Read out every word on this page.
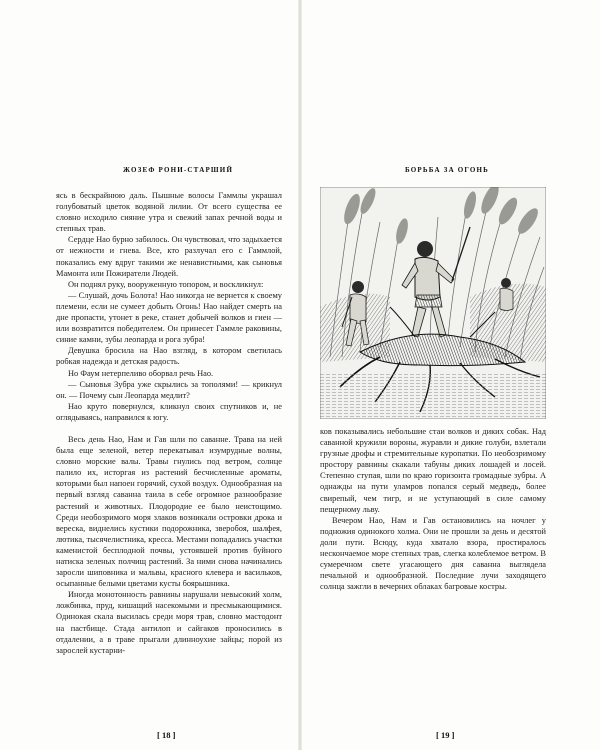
ЖОЗЕФ РОНИ-СТАРШИЙ

ясь в бескрайнюю даль. Пышные волосы Гаммлы украшал голубоватый цветок водяной лилии. От всего существа ее словно исходило сияние утра и свежий запах речной воды и степных трав.

Сердце Нао бурно забилось. Он чувствовал, что задыхается от нежности и гнева. Все, кто разлучал его с Гаммлой, показались ему вдруг такими же ненавистными, как сыновья Мамонта или Пожиратели Людей.

Он поднял руку, вооруженную топором, и воскликнул:

— Слушай, дочь Болота! Нао никогда не вернется к своему племени, если не сумеет добыть Огонь! Нао найдет смерть на дне пропасти, утонет в реке, станет добычей волков и гиен — или возвратится победителем. Он принесет Гаммле раковины, синие камни, зубы леопарда и рога зубра!

Девушка бросила на Нао взгляд, в котором светилась робкая надежда и детская радость.

Но Фаум нетерпеливо оборвал речь Нао.

— Сыновья Зубра уже скрылись за тополями! — крикнул он. — Почему сын Леопарда медлит?

Нао круто повернулся, кликнул своих спутников и, не оглядываясь, направился к югу.

Весь день Нао, Нам и Гав шли по саванне. Трава на ней была еще зеленой, ветер перекатывал изумрудные волны, словно морские валы. Травы гнулись под ветром, солнце палило их, истоpгая из растений бесчисленные ароматы, которыми был напоен горячий, сухой воздух. Однообразная на первый взгляд саванна таила в себе огромное разнообразие растений и животных. Плодородие ее было неистощимо. Среди необозримого моря злаков возникали островки дрока и вереска, виднелись кустики подорожника, зверобоя, шалфея, лютика, тысячелистника, кресса. Местами попадались участки каменистой бесплодной почвы, устоявшей против буйного натиска зеленых полчищ растений. За ними снова начинались заросли шиповника и мальвы, красного клевера и васильков, осыпанные белыми цветами кусты боярышника.

Иногда монотонность равнины нарушали невысокий холм, ложбинка, пруд, кишащий насекомыми и пресмыкающимися. Одинокая скала высилась среди моря трав, словно мастодонт на пастбище. Стада антилоп и сайгаков проносились в отдалении, а в траве прыгали длинноухие зайцы; порой из зарослей кустарни-

[ 18 ]
БОРЬБА ЗА ОГОНЬ

ков показывались небольшие стаи волков и диких собак. Над саванной кружили вороны, журавли и дикие голуби, взлетали грузные дрофы и стремительные куропатки. По необозримому простору равнины скакали табуны диких лошадей и лосей. Степенно ступая, шли по краю горизонта громадные зубры. А однажды на пути уламров попался серый медведь, более свирепый, чем тигр, и не уступающий в силе самому пещерному льву.

Вечером Нао, Нам и Гав остановились на ночлег у подножия одинокого холма. Они не прошли за день и десятой доли пути. Всюду, куда хватало взора, простиралось нескончаемое море степных трав, слегка колеблемое ветром. В сумеречном свете угасающего дня саванна выглядела печальной и однообразной. Последние лучи заходящего солнца зажгли в вечерних облаках багровые костры.

[ 19 ]
